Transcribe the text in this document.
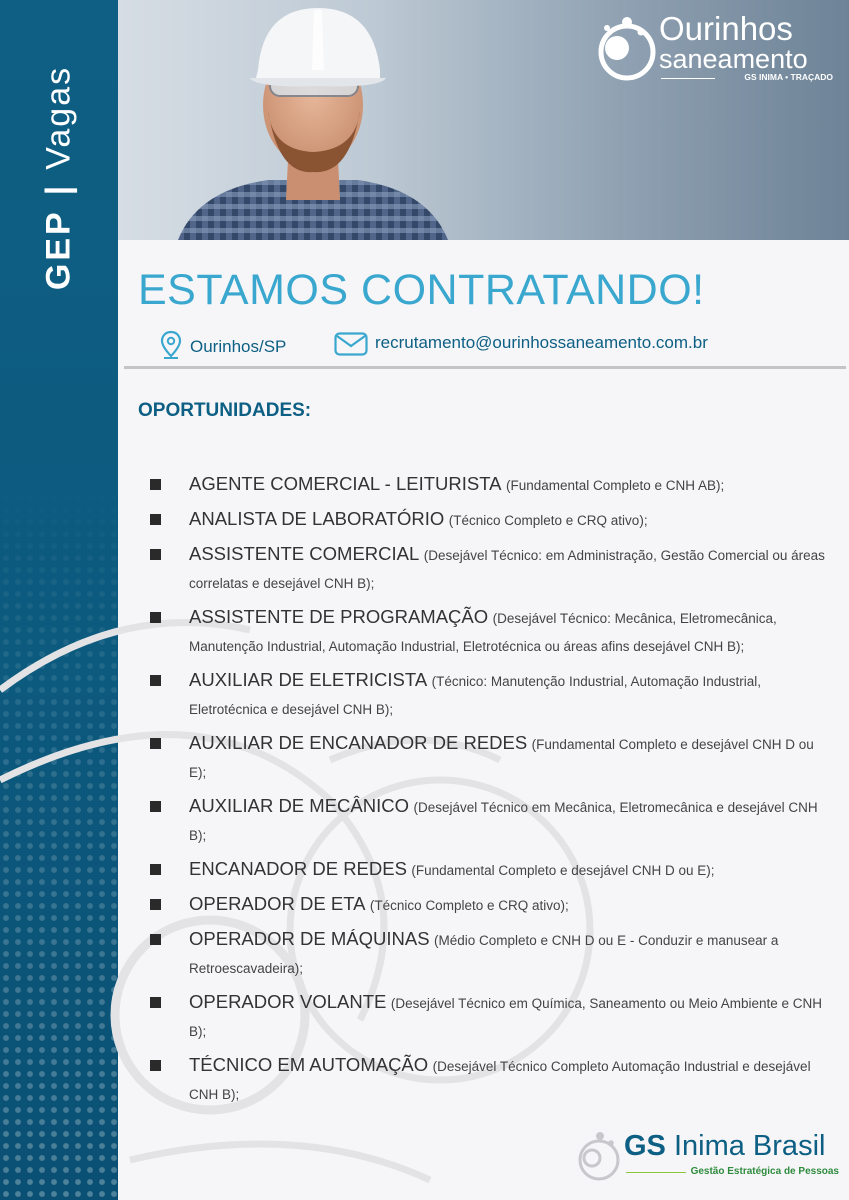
GEP|Vagas
Ourinhos
saneamento
GS INIMA • TRAÇADO
ESTAMOS CONTRATANDO!
Ourinhos/SP	recrutamento@ourinhossaneamento.com.br
OPORTUNIDADES:
AGENTE COMERCIAL - LEITURISTA (Fundamental Completo e CNH AB);
ANALISTA DE LABORATÓRIO (Técnico Completo e CRQ ativo);
ASSISTENTE COMERCIAL (Desejável Técnico: em Administração, Gestão Comercial ou áreas correlatas e desejável CNH B);
ASSISTENTE DE PROGRAMAÇÃO (Desejável Técnico: Mecânica, Eletromecânica, Manutenção Industrial, Automação Industrial, Eletrotécnica ou áreas afins desejável CNH B);
AUXILIAR DE ELETRICISTA (Técnico: Manutenção Industrial, Automação Industrial, Eletrotécnica e desejável CNH B);
AUXILIAR DE ENCANADOR DE REDES (Fundamental Completo e desejável CNH D ou E);
AUXILIAR DE MECÂNICO (Desejável Técnico em Mecânica, Eletromecânica e desejável CNH B);
ENCANADOR DE REDES (Fundamental Completo e desejável CNH D ou E);
OPERADOR DE ETA (Técnico Completo e CRQ ativo);
OPERADOR DE MÁQUINAS (Médio Completo e CNH D ou E - Conduzir e manusear a Retroescavadeira);
OPERADOR VOLANTE (Desejável Técnico em Química, Saneamento ou Meio Ambiente e CNH B);
TÉCNICO EM AUTOMAÇÃO (Desejável Técnico Completo Automação Industrial e desejável CNH B);
GS Inima Brasil
Gestão Estratégica de Pessoas
